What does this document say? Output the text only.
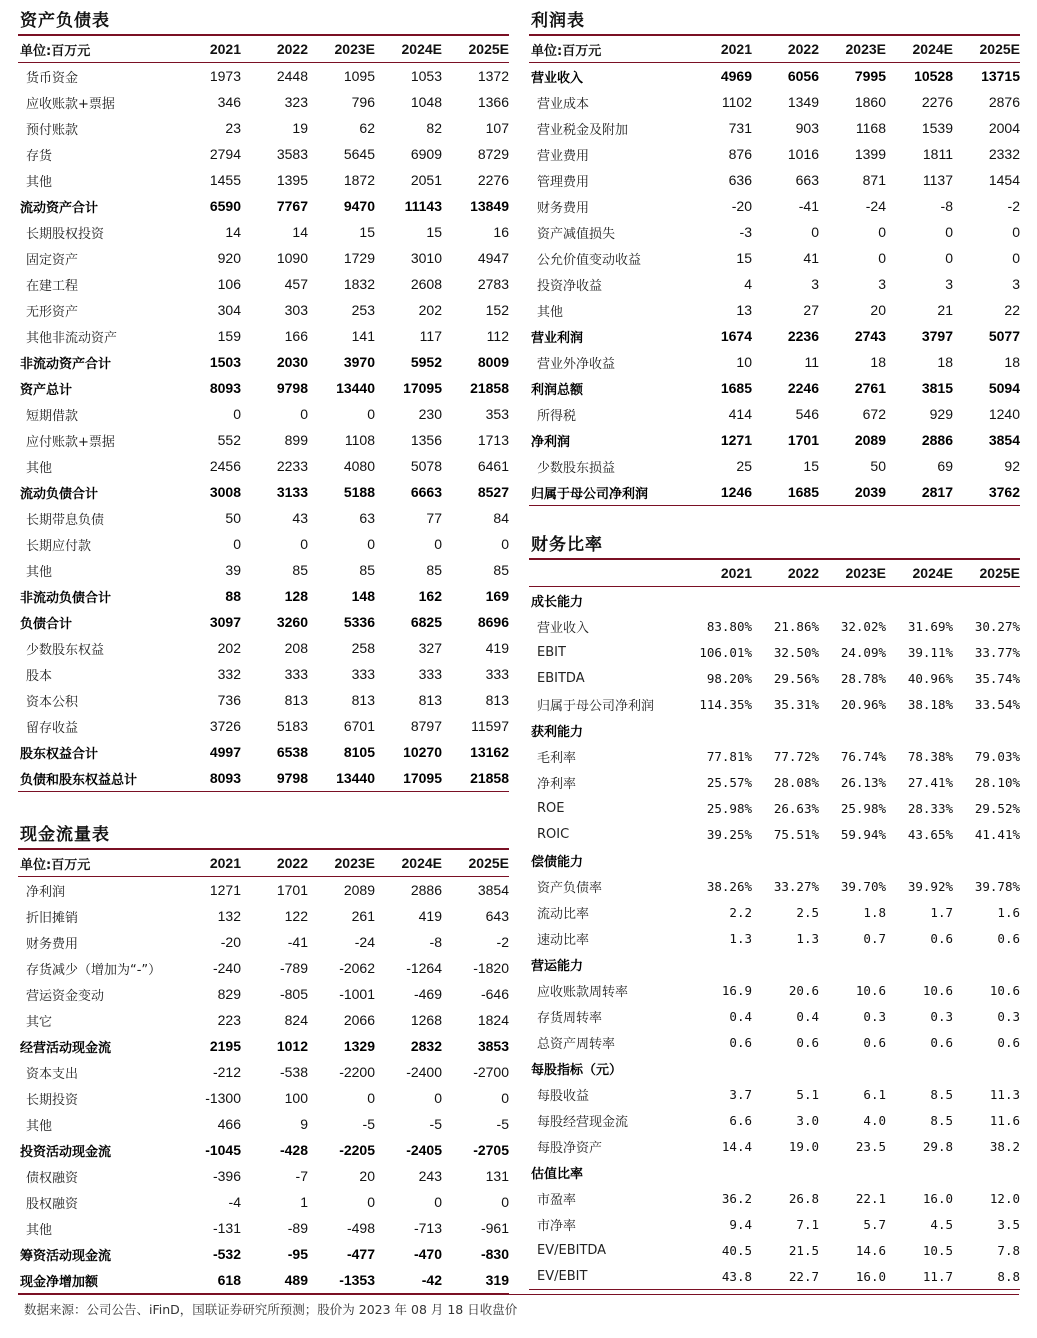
资产负债表
单位:百万元	2021	2022	2023E	2024E	2025E
货币资金	1973	2448	1095	1053	1372
应收账款+票据	346	323	796	1048	1366
预付账款	23	19	62	82	107
存货	2794	3583	5645	6909	8729
其他	1455	1395	1872	2051	2276
流动资产合计	6590	7767	9470	11143	13849
长期股权投资	14	14	15	15	16
固定资产	920	1090	1729	3010	4947
在建工程	106	457	1832	2608	2783
无形资产	304	303	253	202	152
其他非流动资产	159	166	141	117	112
非流动资产合计	1503	2030	3970	5952	8009
资产总计	8093	9798	13440	17095	21858
短期借款	0	0	0	230	353
应付账款+票据	552	899	1108	1356	1713
其他	2456	2233	4080	5078	6461
流动负债合计	3008	3133	5188	6663	8527
长期带息负债	50	43	63	77	84
长期应付款	0	0	0	0	0
其他	39	85	85	85	85
非流动负债合计	88	128	148	162	169
负债合计	3097	3260	5336	6825	8696
少数股东权益	202	208	258	327	419
股本	332	333	333	333	333
资本公积	736	813	813	813	813
留存收益	3726	5183	6701	8797	11597
股东权益合计	4997	6538	8105	10270	13162
负债和股东权益总计	8093	9798	13440	17095	21858
现金流量表
单位:百万元	2021	2022	2023E	2024E	2025E
净利润	1271	1701	2089	2886	3854
折旧摊销	132	122	261	419	643
财务费用	-20	-41	-24	-8	-2
存货减少（增加为“-”）	-240	-789	-2062	-1264	-1820
营运资金变动	829	-805	-1001	-469	-646
其它	223	824	2066	1268	1824
经营活动现金流	2195	1012	1329	2832	3853
资本支出	-212	-538	-2200	-2400	-2700
长期投资	-1300	100	0	0	0
其他	466	9	-5	-5	-5
投资活动现金流	-1045	-428	-2205	-2405	-2705
债权融资	-396	-7	20	243	131
股权融资	-4	1	0	0	0
其他	-131	-89	-498	-713	-961
筹资活动现金流	-532	-95	-477	-470	-830
现金净增加额	618	489	-1353	-42	319
利润表
单位:百万元	2021	2022	2023E	2024E	2025E
营业收入	4969	6056	7995	10528	13715
营业成本	1102	1349	1860	2276	2876
营业税金及附加	731	903	1168	1539	2004
营业费用	876	1016	1399	1811	2332
管理费用	636	663	871	1137	1454
财务费用	-20	-41	-24	-8	-2
资产减值损失	-3	0	0	0	0
公允价值变动收益	15	41	0	0	0
投资净收益	4	3	3	3	3
其他	13	27	20	21	22
营业利润	1674	2236	2743	3797	5077
营业外净收益	10	11	18	18	18
利润总额	1685	2246	2761	3815	5094
所得税	414	546	672	929	1240
净利润	1271	1701	2089	2886	3854
少数股东损益	25	15	50	69	92
归属于母公司净利润	1246	1685	2039	2817	3762
财务比率
	2021	2022	2023E	2024E	2025E
成长能力					
营业收入	83.80%	21.86%	32.02%	31.69%	30.27%
EBIT	106.01%	32.50%	24.09%	39.11%	33.77%
EBITDA	98.20%	29.56%	28.78%	40.96%	35.74%
归属于母公司净利润	114.35%	35.31%	20.96%	38.18%	33.54%
获利能力					
毛利率	77.81%	77.72%	76.74%	78.38%	79.03%
净利率	25.57%	28.08%	26.13%	27.41%	28.10%
ROE	25.98%	26.63%	25.98%	28.33%	29.52%
ROIC	39.25%	75.51%	59.94%	43.65%	41.41%
偿债能力					
资产负债率	38.26%	33.27%	39.70%	39.92%	39.78%
流动比率	2.2	2.5	1.8	1.7	1.6
速动比率	1.3	1.3	0.7	0.6	0.6
营运能力					
应收账款周转率	16.9	20.6	10.6	10.6	10.6
存货周转率	0.4	0.4	0.3	0.3	0.3
总资产周转率	0.6	0.6	0.6	0.6	0.6
每股指标（元）					
每股收益	3.7	5.1	6.1	8.5	11.3
每股经营现金流	6.6	3.0	4.0	8.5	11.6
每股净资产	14.4	19.0	23.5	29.8	38.2
估值比率					
市盈率	36.2	26.8	22.1	16.0	12.0
市净率	9.4	7.1	5.7	4.5	3.5
EV/EBITDA	40.5	21.5	14.6	10.5	7.8
EV/EBIT	43.8	22.7	16.0	11.7	8.8
数据来源：公司公告、iFinD，国联证券研究所预测；股价为 2023 年 08 月 18 日收盘价
